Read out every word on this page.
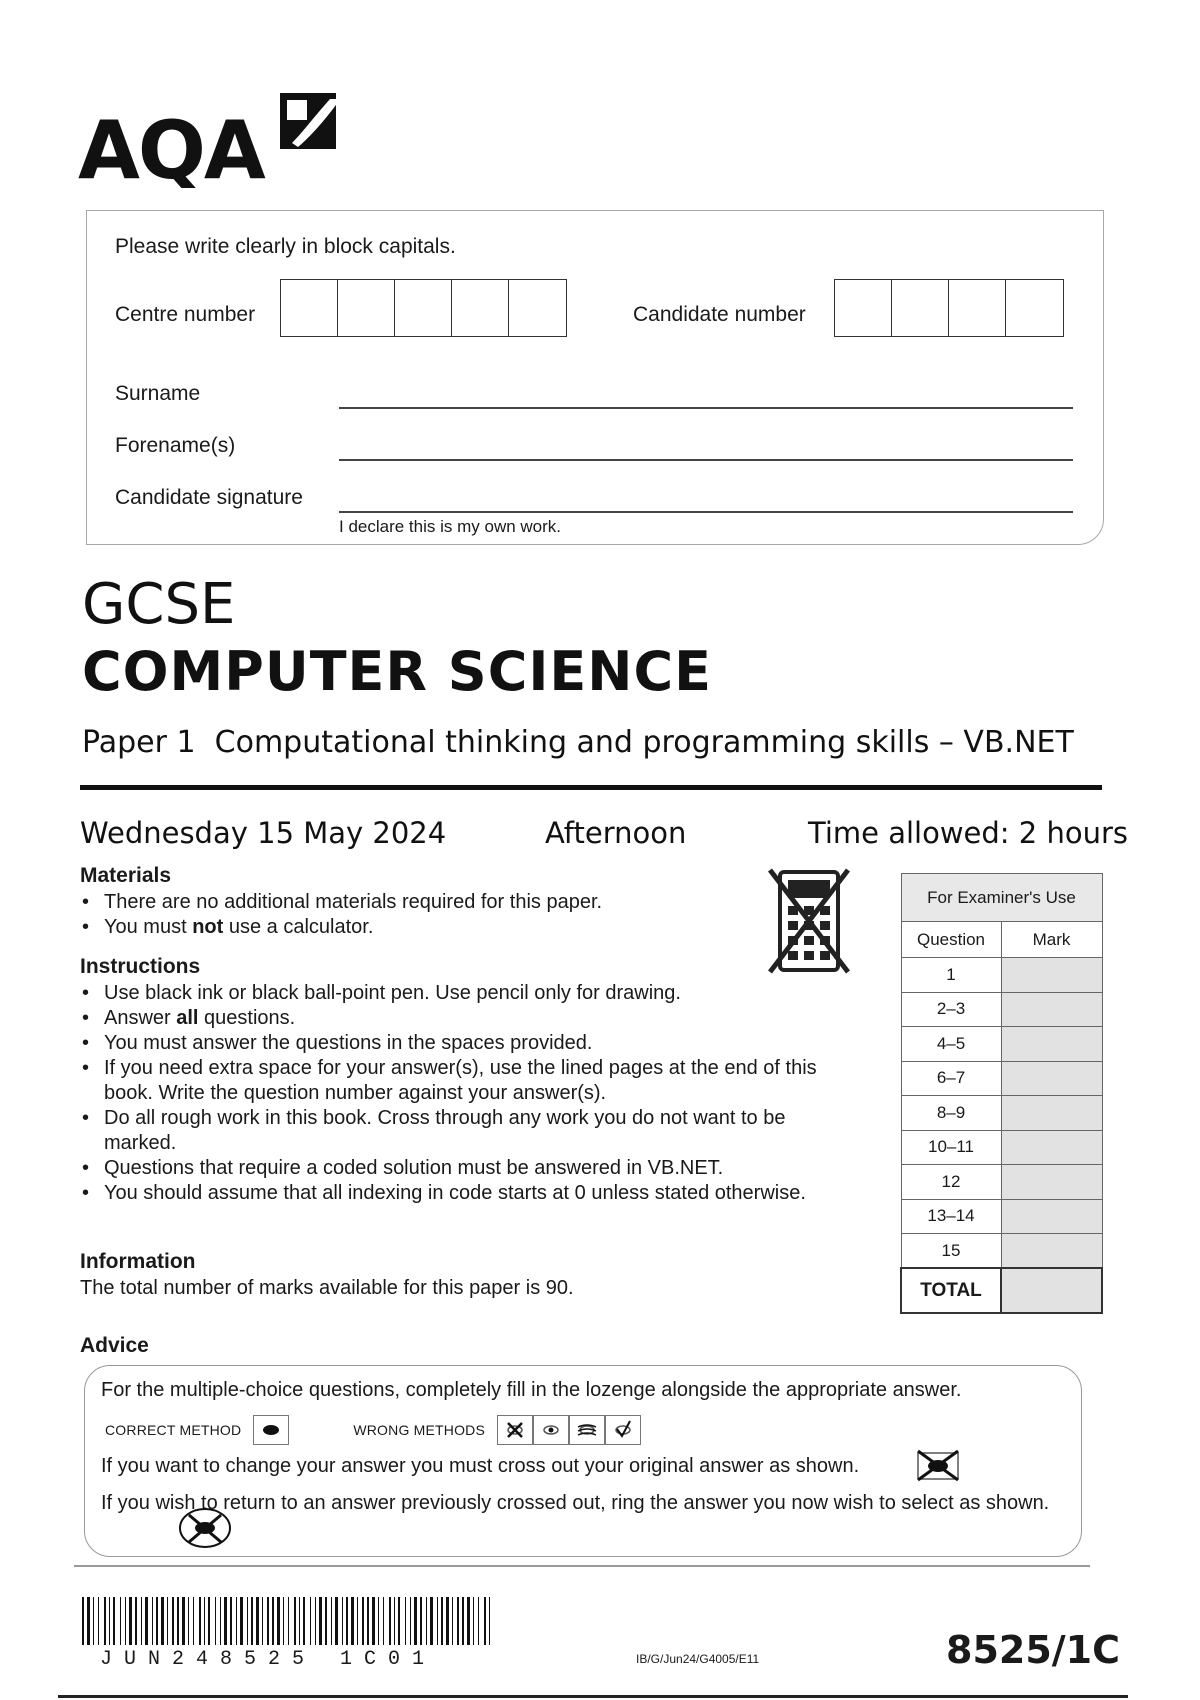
AQA
Please write clearly in block capitals.
Centre number	Candidate number
Surname
Forename(s)
Candidate signature
I declare this is my own work.
GCSE
COMPUTER SCIENCE
Paper 1  Computational thinking and programming skills – VB.NET
Wednesday 15 May 2024	Afternoon	Time allowed: 2 hours
Materials
• There are no additional materials required for this paper.
• You must not use a calculator.
Instructions
• Use black ink or black ball-point pen. Use pencil only for drawing.
• Answer all questions.
• You must answer the questions in the spaces provided.
• If you need extra space for your answer(s), use the lined pages at the end of this book. Write the question number against your answer(s).
• Do all rough work in this book. Cross through any work you do not want to be marked.
• Questions that require a coded solution must be answered in VB.NET.
• You should assume that all indexing in code starts at 0 unless stated otherwise.
Information
The total number of marks available for this paper is 90.
For Examiner's Use	
Question	Mark
1	
2–3	
4–5	
6–7	
8–9	
10–11	
12	
13–14	
15	
TOTAL	
Advice
For the multiple-choice questions, completely fill in the lozenge alongside the appropriate answer.
CORRECT METHOD	WRONG METHODS
If you want to change your answer you must cross out your original answer as shown.
If you wish to return to an answer previously crossed out, ring the answer you now wish to select as shown.
JUN248525 1C01	IB/G/Jun24/G4005/E11	8525/1C
